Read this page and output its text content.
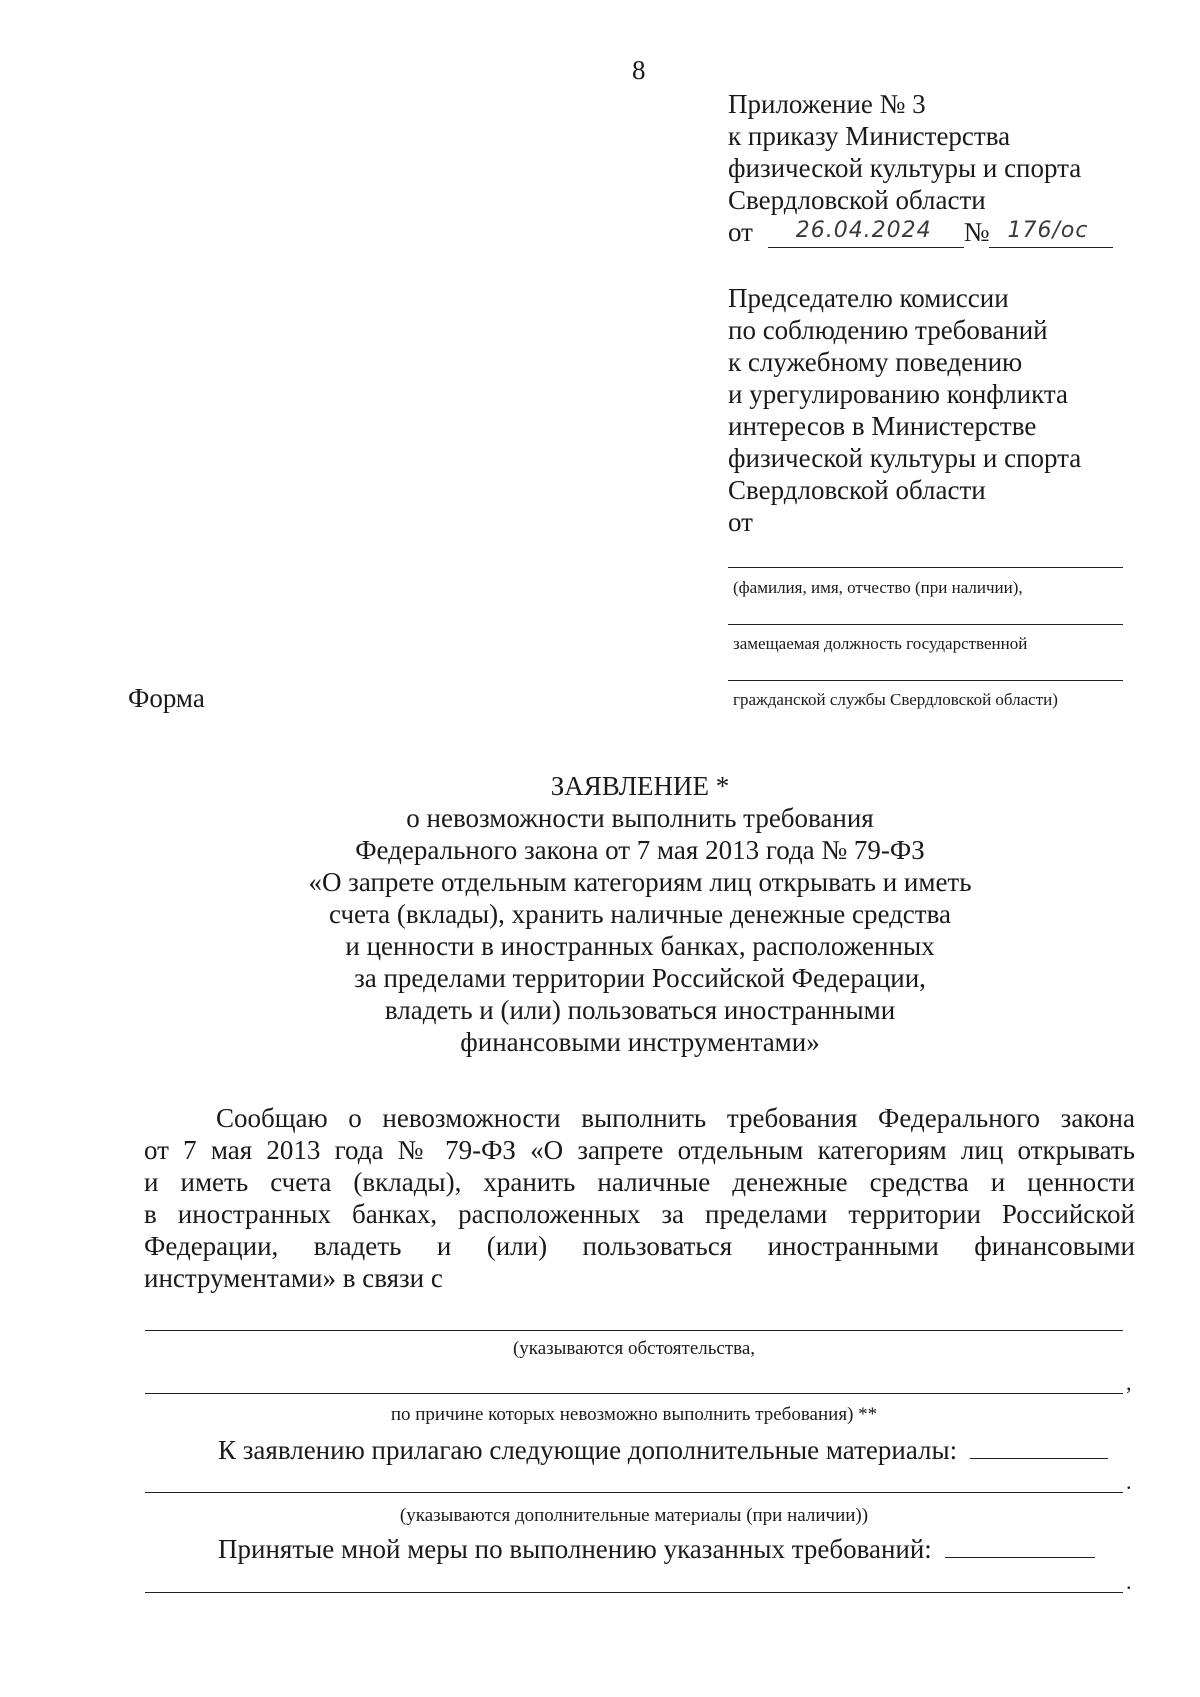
8
Приложение № 3
к приказу Министерства
физической культуры и спорта
Свердловской области
от 26.04.2024 № 176/ос
Председателю комиссии
по соблюдению требований
к служебному поведению
и урегулированию конфликта
интересов в Министерстве
физической культуры и спорта
Свердловской области
от
(фамилия, имя, отчество (при наличии),
замещаемая должность государственной
гражданской службы Свердловской области)
Форма
ЗАЯВЛЕНИЕ *
о невозможности выполнить требования
Федерального закона от 7 мая 2013 года № 79-ФЗ
«О запрете отдельным категориям лиц открывать и иметь
счета (вклады), хранить наличные денежные средства
и ценности в иностранных банках, расположенных
за пределами территории Российской Федерации,
владеть и (или) пользоваться иностранными
финансовыми инструментами»
Сообщаю о невозможности выполнить требования Федерального закона
от 7 мая 2013 года № 79-ФЗ «О запрете отдельным категориям лиц открывать
и иметь счета (вклады), хранить наличные денежные средства и ценности
в иностранных банках, расположенных за пределами территории Российской
Федерации, владеть и (или) пользоваться иностранными финансовыми
инструментами» в связи с
(указываются обстоятельства,
,
по причине которых невозможно выполнить требования) **
К заявлению прилагаю следующие дополнительные материалы:
.
(указываются дополнительные материалы (при наличии))
Принятые мной меры по выполнению указанных требований:
.
